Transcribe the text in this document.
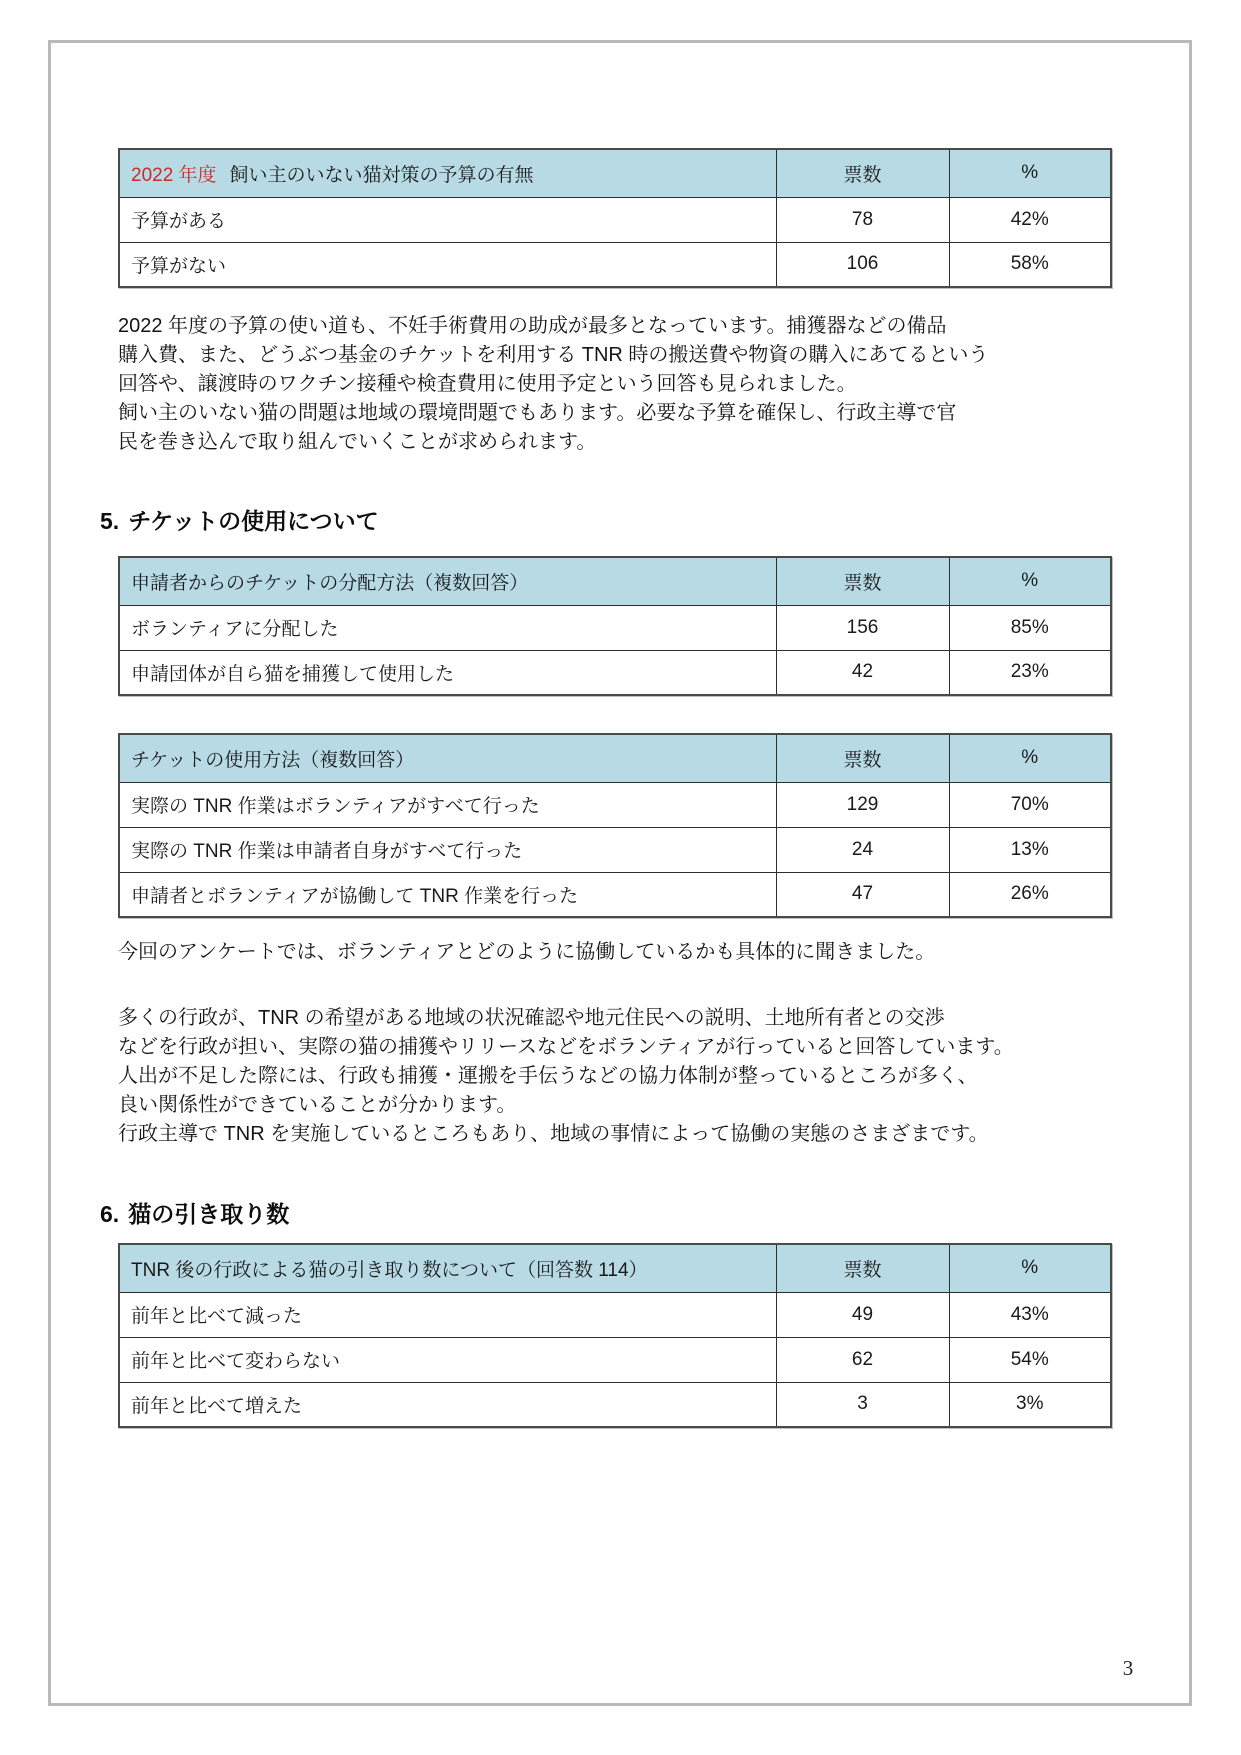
2022 年度 飼い主のいない猫対策の予算の有無	票数	%
予算がある	78	42%
予算がない	106	58%
2022 年度の予算の使い道も、不妊手術費用の助成が最多となっています。捕獲器などの備品
購入費、また、どうぶつ基金のチケットを利用する TNR 時の搬送費や物資の購入にあてるという
回答や、譲渡時のワクチン接種や検査費用に使用予定という回答も見られました。
飼い主のいない猫の問題は地域の環境問題でもあります。必要な予算を確保し、行政主導で官
民を巻き込んで取り組んでいくことが求められます。
5. チケットの使用について
申請者からのチケットの分配方法（複数回答）	票数	%
ボランティアに分配した	156	85%
申請団体が自ら猫を捕獲して使用した	42	23%
チケットの使用方法（複数回答）	票数	%
実際の TNR 作業はボランティアがすべて行った	129	70%
実際の TNR 作業は申請者自身がすべて行った	24	13%
申請者とボランティアが協働して TNR 作業を行った	47	26%
今回のアンケートでは、ボランティアとどのように協働しているかも具体的に聞きました。
多くの行政が、TNR の希望がある地域の状況確認や地元住民への説明、土地所有者との交渉
などを行政が担い、実際の猫の捕獲やリリースなどをボランティアが行っていると回答しています。
人出が不足した際には、行政も捕獲・運搬を手伝うなどの協力体制が整っているところが多く、
良い関係性ができていることが分かります。
行政主導で TNR を実施しているところもあり、地域の事情によって協働の実態のさまざまです。
6. 猫の引き取り数
TNR 後の行政による猫の引き取り数について（回答数 114）	票数	%
前年と比べて減った	49	43%
前年と比べて変わらない	62	54%
前年と比べて増えた	3	3%
3
